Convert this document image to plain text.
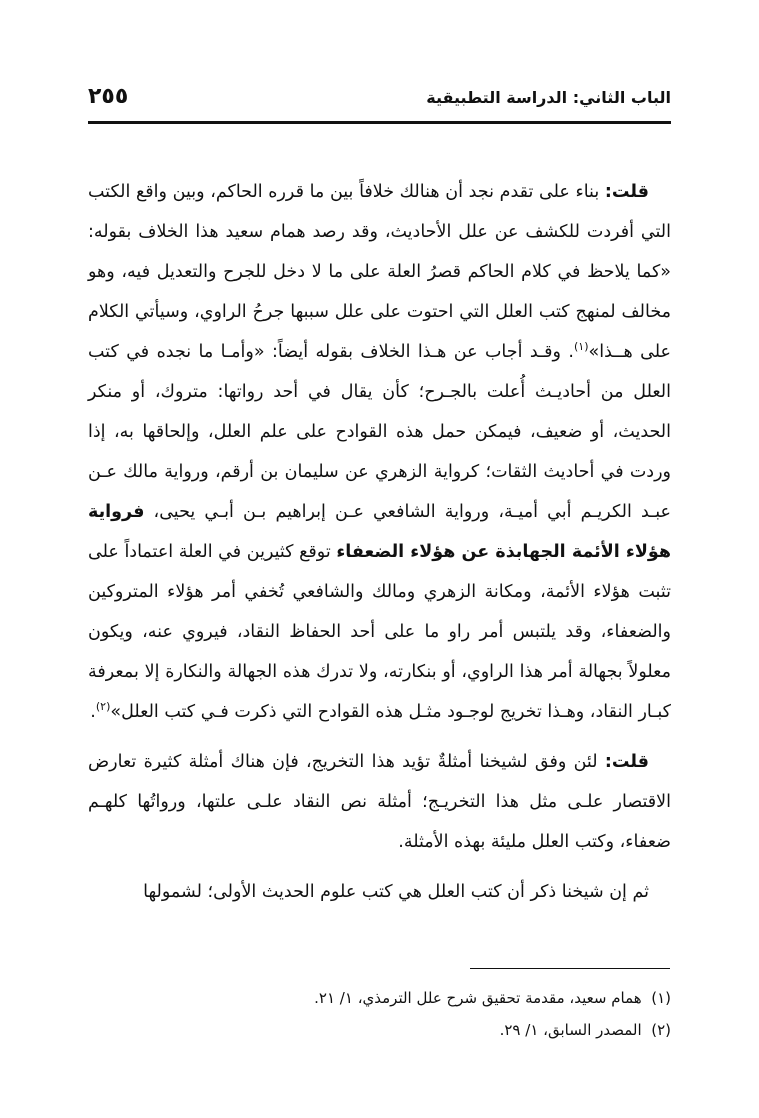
الباب الثاني: الدراسة التطبيقية
٢٥٥

قلت: بناء على تقدم نجد أن هنالك خلافاً بين ما قرره الحاكم، وبين واقع الكتب التي أفردت للكشف عن علل الأحاديث، وقد رصد همام سعيد هذا الخلاف بقوله: «كما يلاحظ في كلام الحاكم قصرُ العلة على ما لا دخل للجرح والتعديل فيه، وهو مخالف لمنهج كتب العلل التي احتوت على علل سببها جرحُ الراوي، وسيأتي الكلام على هــذا»$^{(١)}$. وقـد أجاب عن هـذا الخلاف بقوله أيضاً: «وأمـا ما نجده في كتب العلل من أحاديـث أُعلت بالجـرح؛ كأن يقال في أحد رواتها: متروك، أو منكر الحديث، أو ضعيف، فيمكن حمل هذه القوادح على علم العلل، وإلحاقها به، إذا وردت في أحاديث الثقات؛ كرواية الزهري عن سليمان بن أرقم، ورواية مالك عـن عبـد الكريـم أبي أميـة، ورواية الشافعي عـن إبراهيم بـن أبـي يحيى، فرواية هؤلاء الأئمة الجهابذة عن هؤلاء الضعفاء توقع كثيرين في العلة اعتماداً على تثبت هؤلاء الأئمة، ومكانة الزهري ومالك والشافعي تُخفي أمر هؤلاء المتروكين والضعفاء، وقد يلتبس أمر راو ما على أحد الحفاظ النقاد، فيروي عنه، ويكون معلولاً بجهالة أمر هذا الراوي، أو بنكارته، ولا تدرك هذه الجهالة والنكارة إلا بمعرفة كبـار النقاد، وهـذا تخريج لوجـود مثـل هذه القوادح التي ذكرت فـي كتب العلل»$^{(٢)}$.

قلت: لئن وفق لشيخنا أمثلةٌ تؤيد هذا التخريج، فإن هناك أمثلة كثيرة تعارض الاقتصار علـى مثل هذا التخريـج؛ أمثلة نص النقاد علـى علتها، ورواتُها كلهـم ضعفاء، وكتب العلل مليئة بهذه الأمثلة.

ثم إن شيخنا ذكر أن كتب العلل هي كتب علوم الحديث الأولى؛ لشمولها

(١)  همام سعيد، مقدمة تحقيق شرح علل الترمذي، ١/ ٢١.

(٢)  المصدر السابق، ١/ ٢٩.
